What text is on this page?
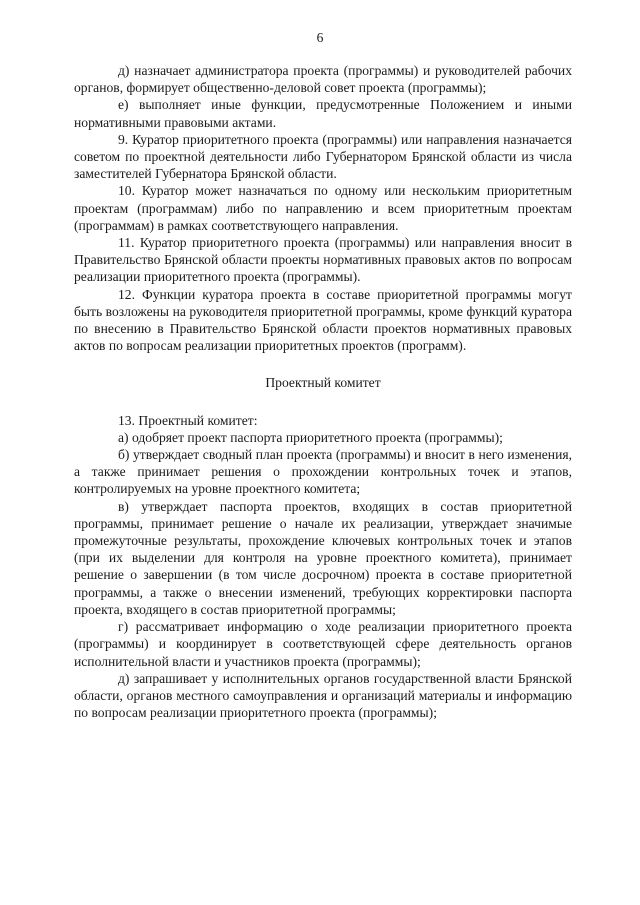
6

д) назначает администратора проекта (программы) и руководителей рабочих органов, формирует общественно-деловой совет проекта (программы);

е) выполняет иные функции, предусмотренные Положением и иными нормативными правовыми актами.

9. Куратор приоритетного проекта (программы) или направления назначается советом по проектной деятельности либо Губернатором Брянской области из числа заместителей Губернатора Брянской области.

10. Куратор может назначаться по одному или нескольким приоритетным проектам (программам) либо по направлению и всем приоритетным проектам (программам) в рамках соответствующего направления.

11. Куратор приоритетного проекта (программы) или направления вносит в Правительство Брянской области проекты нормативных правовых актов по вопросам реализации приоритетного проекта (программы).

12. Функции куратора проекта в составе приоритетной программы могут быть возложены на руководителя приоритетной программы, кроме функций куратора по внесению в Правительство Брянской области проектов нормативных правовых актов по вопросам реализации приоритетных проектов (программ).

Проектный комитет

13. Проектный комитет:

а) одобряет проект паспорта приоритетного проекта (программы);

б) утверждает сводный план проекта (программы) и вносит в него изменения, а также принимает решения о прохождении контрольных точек и этапов, контролируемых на уровне проектного комитета;

в) утверждает паспорта проектов, входящих в состав приоритетной программы, принимает решение о начале их реализации, утверждает значимые промежуточные результаты, прохождение ключевых контрольных точек и этапов (при их выделении для контроля на уровне проектного комитета), принимает решение о завершении (в том числе досрочном) проекта в составе приоритетной программы, а также о внесении изменений, требующих корректировки паспорта проекта, входящего в состав приоритетной программы;

г) рассматривает информацию о ходе реализации приоритетного проекта (программы) и координирует в соответствующей сфере деятельность органов исполнительной власти и участников проекта (программы);

д) запрашивает у исполнительных органов государственной власти Брянской области, органов местного самоуправления и организаций материалы и информацию по вопросам реализации приоритетного проекта (программы);
